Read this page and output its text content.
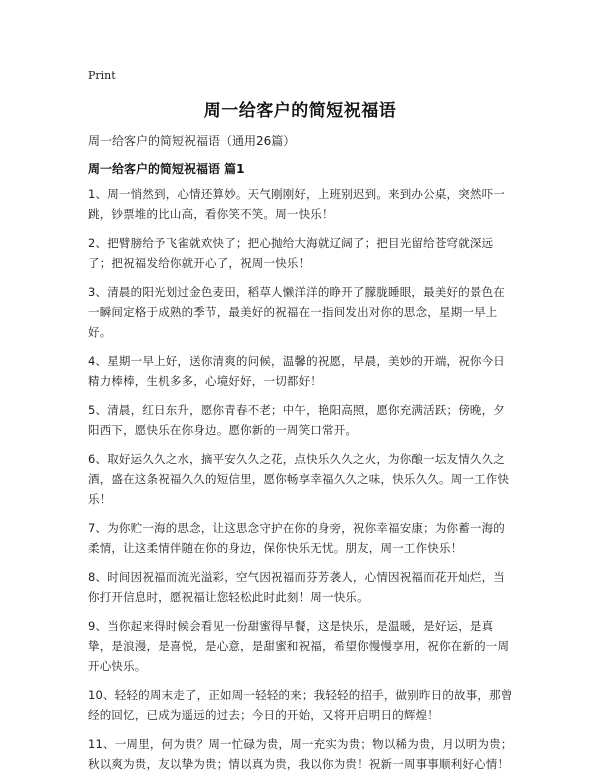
Print
周一给客户的简短祝福语
周一给客户的简短祝福语（通用26篇）
周一给客户的简短祝福语 篇1

1、周一悄然到，心情还算妙。天气刚刚好，上班别迟到。来到办公桌，突然吓一跳，钞票堆的比山高，看你笑不笑。周一快乐！

2、把臂膀给予飞雀就欢快了；把心抛给大海就辽阔了；把目光留给苍穹就深远了；把祝福发给你就开心了，祝周一快乐！

3、清晨的阳光划过金色麦田，稻草人懒洋洋的睁开了朦胧睡眼，最美好的景色在一瞬间定格于成熟的季节，最美好的祝福在一指间发出对你的思念，星期一早上好。

4、星期一早上好，送你清爽的问候，温馨的祝愿，早晨，美妙的开端，祝你今日精力棒棒，生机多多，心境好好，一切都好！

5、清晨，红日东升，愿你青春不老；中午，艳阳高照，愿你充满活跃；傍晚，夕阳西下，愿快乐在你身边。愿你新的一周笑口常开。

6、取好运久久之水，摘平安久久之花，点快乐久久之火，为你酿一坛友情久久之酒，盛在这条祝福久久的短信里，愿你畅享幸福久久之味，快乐久久。周一工作快乐！

7、为你贮一海的思念，让这思念守护在你的身旁，祝你幸福安康；为你蓄一海的柔情，让这柔情伴随在你的身边，保你快乐无忧。朋友，周一工作快乐！

8、时间因祝福而流光溢彩，空气因祝福而芬芳袭人，心情因祝福而花开灿烂，当你打开信息时，愿祝福让您轻松此时此刻！周一快乐。

9、当你起来得时候会看见一份甜蜜得早餐，这是快乐，是温暖，是好运，是真挚，是浪漫，是喜悦，是心意，是甜蜜和祝福，希望你慢慢享用，祝你在新的一周开心快乐。

10、轻轻的周末走了，正如周一轻轻的来；我轻轻的招手，做别昨日的故事，那曾经的回忆，已成为遥远的过去；今日的开始，又将开启明日的辉煌！

11、一周里，何为贵？周一忙碌为贵，周一充实为贵；物以稀为贵，月以明为贵；秋以爽为贵，友以挚为贵；情以真为贵，我以你为贵！祝新一周事事顺利好心情！
